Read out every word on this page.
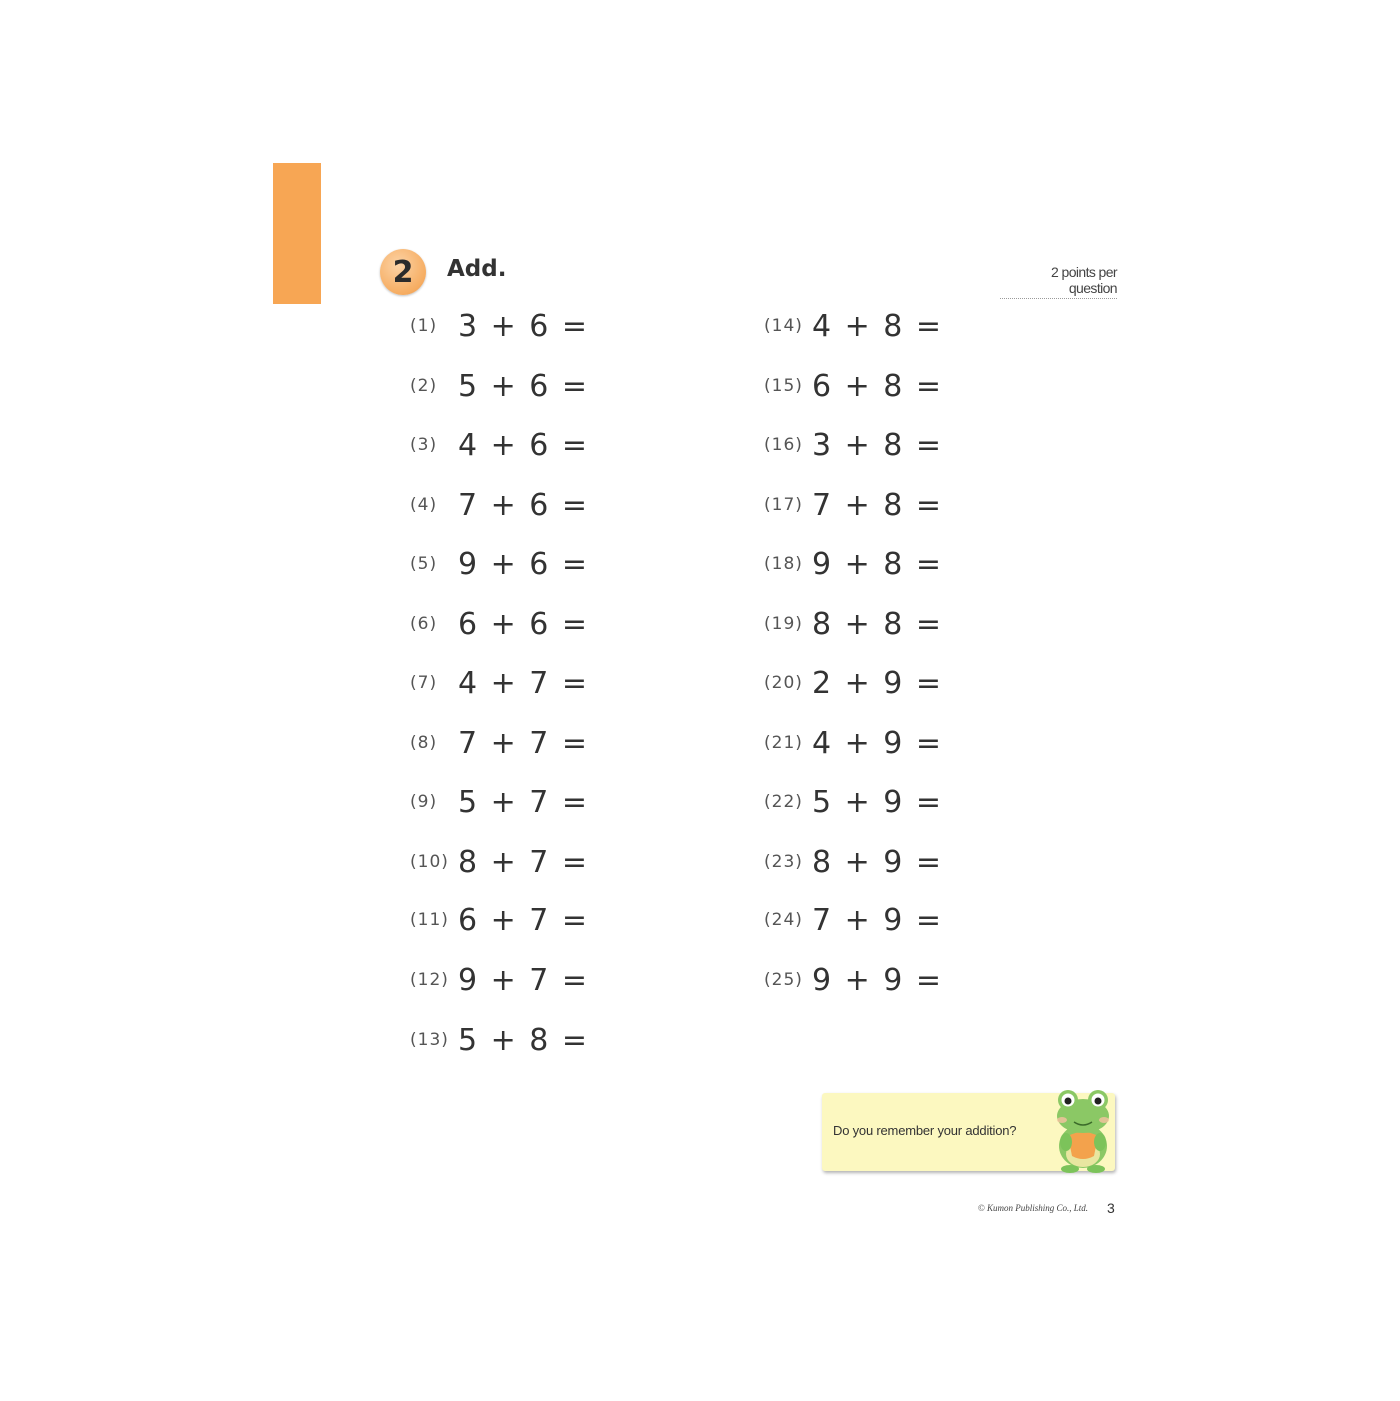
2	Add.	2 points per question
(1) 3 + 6 =
(2) 5 + 6 =
(3) 4 + 6 =
(4) 7 + 6 =
(5) 9 + 6 =
(6) 6 + 6 =
(7) 4 + 7 =
(8) 7 + 7 =
(9) 5 + 7 =
(10) 8 + 7 =
(11) 6 + 7 =
(12) 9 + 7 =
(13) 5 + 8 =
(14) 4 + 8 =
(15) 6 + 8 =
(16) 3 + 8 =
(17) 7 + 8 =
(18) 9 + 8 =
(19) 8 + 8 =
(20) 2 + 9 =
(21) 4 + 9 =
(22) 5 + 9 =
(23) 8 + 9 =
(24) 7 + 9 =
(25) 9 + 9 =
Do you remember your addition?
© Kumon Publishing Co., Ltd. 3
